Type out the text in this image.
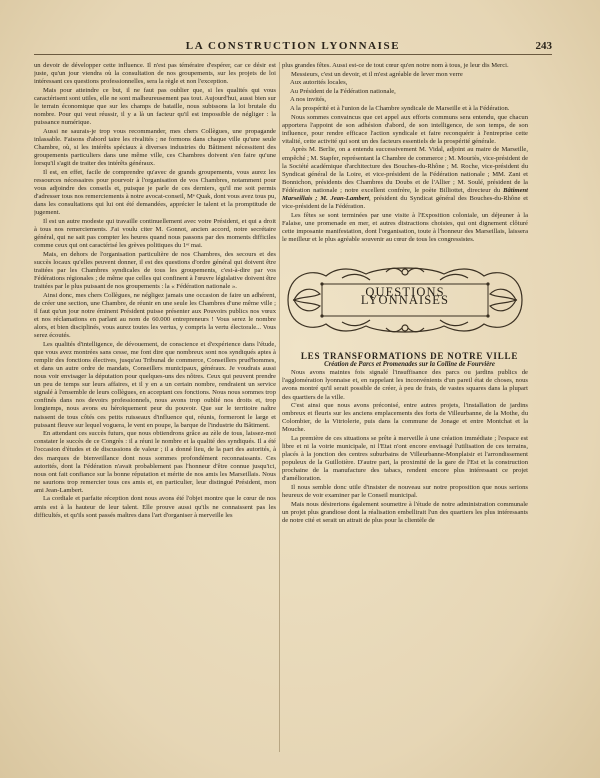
LA CONSTRUCTION LYONNAISE	243

un devoir de développer cette influence. Il n'est pas téméraire d'espérer, car ce désir est juste, qu'un jour viendra où la consultation de nos groupements, sur les projets de loi intéressant ces questions professionnelles, sera la règle et non l'exception.

Mais pour atteindre ce but, il ne faut pas oublier que, si les qualités qui vous caractérisent sont utiles, elle ne sont malheureusement pas tout. Aujourd'hui, aussi bien sur le terrain économique que sur les champs de bataille, nous subissons la loi brutale du nombre. Pour qui veut réussir, il y a là un facteur qu'il est impossible de négliger : la puissance numérique.

Aussi ne saurais-je trop vous recommander, mes chers Collègues, une propagande inlassable. Faisons d'abord taire les rivalités ; ne formons dans chaque ville qu'une seule Chambre, où, si les intérêts spéciaux à diverses industries du Bâtiment nécessitent des groupements particuliers dans une même ville, ces Chambres doivent s'en faire qu'une lorsqu'il s'agit de traiter des intérêts généraux.

Il est, en effet, facile de comprendre qu'avec de grands groupements, vous aurez les ressources nécessaires pour pourvoir à l'organisation de vos Chambres, notamment pour vous adjoindre des conseils et, puisque je parle de ces derniers, qu'il me soit permis d'adresser tous nos remerciements à notre avocat-conseil, Mᵉ Quak, dont vous avez tous pu, dans les consultations qui lui ont été demandées, apprécier le talent et la promptitude de jugement.

Il est un autre modeste qui travaille continuellement avec votre Président, et qui a droit à tous nos remerciements. J'ai voulu citer M. Gonnot, ancien accord, notre secrétaire général, qui ne sait pas compter les heures quand nous passons par des moments difficiles comme ceux qui ont caractérisé les grèves politiques du 1ᵉʳ mai.

Mais, en dehors de l'organisation particulière de nos Chambres, des secours et des succès locaux qu'elles peuvent donner, il est des questions d'ordre général qui doivent être traitées par les Chambres syndicales de tous les groupements, c'est-à-dire par vos Fédérations régionales ; de même que celles qui confinent à l'œuvre législative doivent être traitées par le plus puissant de nos groupements : la « Fédération nationale ».

Ainsi donc, mes chers Collègues, ne négligez jamais une occasion de faire un adhérent, de créer une section, une Chambre, de réunir en une seule les Chambres d'une même ville ; il faut qu'un jour notre éminent Président puisse présenter aux Pouvoirs publics nos vœux et nos réclamations en parlant au nom de 60.000 entrepreneurs ! Vous serez le nombre alors, et bien disciplinés, vous aurez toutes les vertus, y compris la vertu électorale... Vous serez écoutés.

Les qualités d'intelligence, de dévouement, de conscience et d'expérience dans l'étude, que vous avez montrées sans cesse, me font dire que nombreux sont nos syndiqués aptes à remplir des fonctions électives, jusqu'au Tribunal de commerce, Conseillers prud'hommes, et dans un autre ordre de mandats, Conseillers municipaux, généraux. Je voudrais aussi nous voir envisager la députation pour quelques-uns des nôtres. Ceux qui peuvent prendre un peu de temps sur leurs affaires, et il y en a un certain nombre, rendraient un service signalé à l'ensemble de leurs collègues, en acceptant ces fonctions. Nous nous sommes trop confinés dans nos devoirs professionnels, nous avons trop oublié nos droits et, trop longtemps, nous avons eu héroïquement peur du pouvoir. Que sur le territoire naître naissent de tous côtés ces petits ruisseaux d'influence qui, réunis, formeront le large et puissant fleuve sur lequel voguera, le vent en poupe, la barque de l'industrie du Bâtiment.

En attendant ces succès futurs, que nous obtiendrons grâce au zèle de tous, laissez-moi constater le succès de ce Congrès : il a réuni le nombre et la qualité des syndiqués. Il a été l'occasion d'études et de discussions de valeur ; il a donné lieu, de la part des autorités, à des marques de bienveillance dont nous sommes profondément reconnaissants. Ces autorités, dont la Fédération n'avait probablement pas l'honneur d'être connue jusqu'ici, nous ont fait confiance sur la bonne réputation et mérite de nos amis les Marseillais. Nous ne saurions trop remercier tous ces amis et, en particulier, leur distingué Président, mon ami Jean-Lambert.

La cordiale et parfaite réception dont nous avons été l'objet montre que le cœur de nos amis est à la hauteur de leur talent. Elle prouve aussi qu'ils ne connaissent pas les difficultés, et qu'ils sont passés maîtres dans l'art d'organiser à merveille les

plus grandes fêtes. Aussi est-ce de tout cœur qu'en notre nom à tous, je leur dis Merci.

Messieurs, c'est un devoir, et il m'est agréable de lever mon verre

Aux autorités locales,

Au Président de la Fédération nationale,

A nos invités,

A la prospérité et à l'union de la Chambre syndicale de Marseille et à la Fédération.

Nous sommes convaincus que cet appel aux efforts communs sera entendu, que chacun apportera l'appoint de son adhésion d'abord, de son intelligence, de son temps, de son influence, pour rendre efficace l'action syndicale et faire reconquérir à l'entreprise cette vitalité, cette activité qui sont un des facteurs essentiels de la prospérité générale.

Après M. Berlie, on a entendu successivement M. Vidal, adjoint au maire de Marseille, empêché ; M. Stapfer, représentant la Chambre de commerce ; M. Mouriès, vice-président de la Société académique d'architecture des Bouches-du-Rhône ; M. Roche, vice-président du Syndicat général de la Loire, et vice-président de la Fédération nationale ; MM. Zani et Bonnichon, présidents des Chambres du Doubs et de l'Allier ; M. Soulé, président de la Fédération nationale ; notre excellent confrère, le poète Billiottet, directeur du Bâtiment Marseillais ; M. Jean-Lambert, président du Syndicat général des Bouches-du-Rhône et vice-président de la Fédération.

Les fêtes se sont terminées par une visite à l'Exposition coloniale, un déjeuner à la Falaise, une promenade en mer, et autres distractions choisies, qui ont dignement clôturé cette imposante manifestation, dont l'organisation, toute à l'honneur des Marseillais, laissera le meilleur et le plus agréable souvenir au cœur de tous les congressistes.

QUESTIONS LYONNAISES

LES TRANSFORMATIONS DE NOTRE VILLE

Création de Parcs et Promenades sur la Colline de Fourvière

Nous avons maintes fois signalé l'insuffisance des parcs ou jardins publics de l'agglomération lyonnaise et, en rappelant les inconvénients d'un pareil état de choses, nous avons montré qu'il serait possible de créer, à peu de frais, de vastes squares dans la plupart des quartiers de la ville.

C'est ainsi que nous avons préconisé, entre autres projets, l'installation de jardins ombreux et fleuris sur les anciens emplacements des forts de Villeurbanne, de la Mothe, du Colombier, de la Vitriolerie, puis dans la commune de Jonage et entre Montchat et la Mouche.

La première de ces situations se prête à merveille à une création immédiate ; l'espace est libre et ni la voirie municipale, ni l'Etat n'ont encore envisagé l'utilisation de ces terrains, placés à la jonction des centres suburbains de Villeurbanne-Monplaisir et l'arrondissement populeux de la Guillotière. D'autre part, la proximité de la gare de l'Est et la construction prochaine de la manufacture des tabacs, rendent encore plus intéressant ce projet d'amélioration.

Il nous semble donc utile d'insister de nouveau sur notre proposition que nous serions heureux de voir examiner par le Conseil municipal.

Mais nous désirerions également soumettre à l'étude de notre administration communale un projet plus grandiose dont la réalisation embellirait l'un des quartiers les plus intéressants de notre cité et serait un attrait de plus pour la clientèle de
